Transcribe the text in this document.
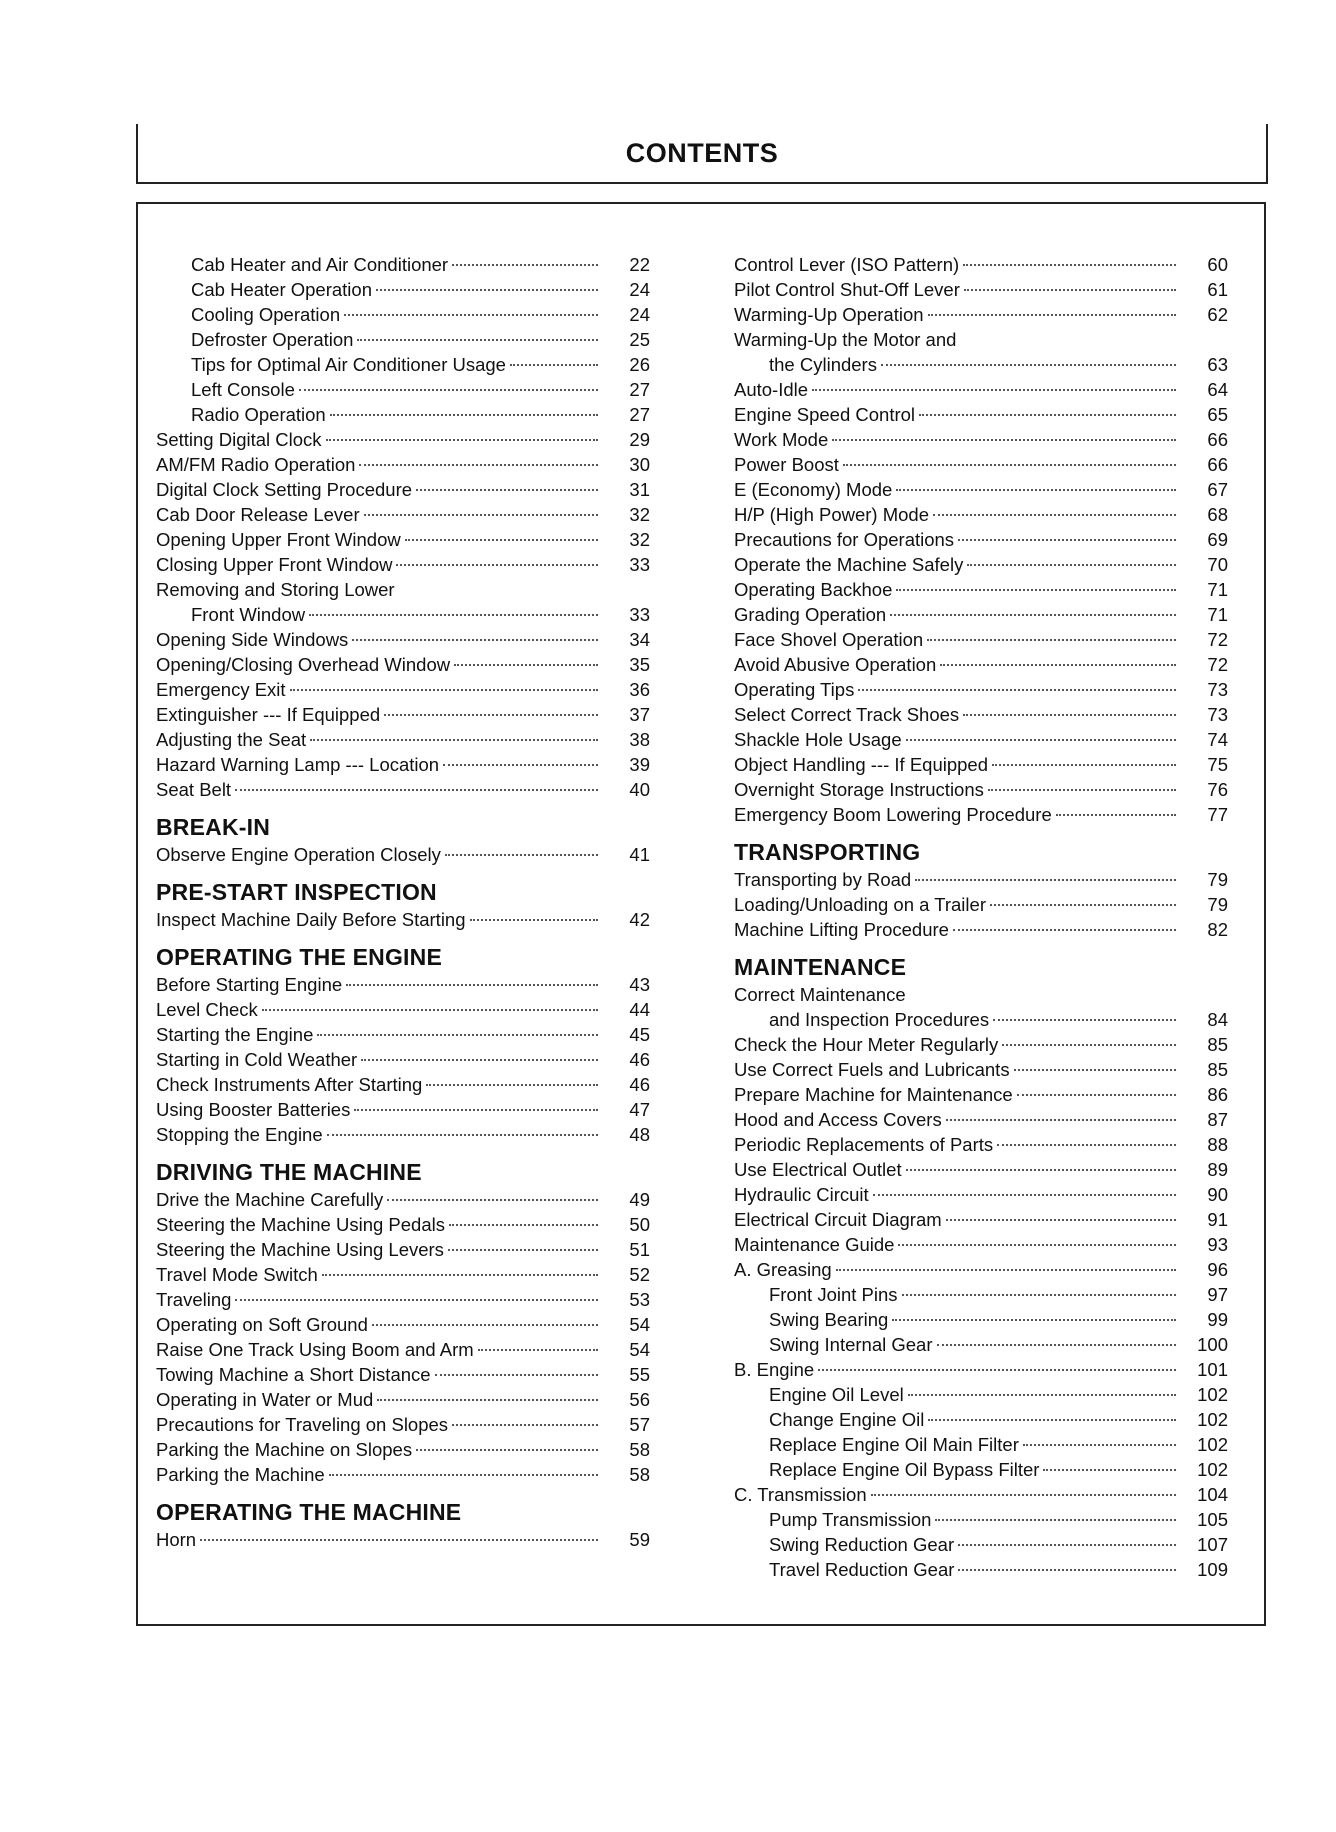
CONTENTS
Cab Heater and Air Conditioner	22
Cab Heater Operation	24
Cooling Operation	24
Defroster Operation	25
Tips for Optimal Air Conditioner Usage	26
Left Console	27
Radio Operation	27
Setting Digital Clock	29
AM/FM Radio Operation	30
Digital Clock Setting Procedure	31
Cab Door Release Lever	32
Opening Upper Front Window	32
Closing Upper Front Window	33
Removing and Storing Lower
Front Window	33
Opening Side Windows	34
Opening/Closing Overhead Window	35
Emergency Exit	36
Extinguisher --- If Equipped	37
Adjusting the Seat	38
Hazard Warning Lamp --- Location	39
Seat Belt	40
BREAK-IN
Observe Engine Operation Closely	41
PRE-START INSPECTION
Inspect Machine Daily Before Starting	42
OPERATING THE ENGINE
Before Starting Engine	43
Level Check	44
Starting the Engine	45
Starting in Cold Weather	46
Check Instruments After Starting	46
Using Booster Batteries	47
Stopping the Engine	48
DRIVING THE MACHINE
Drive the Machine Carefully	49
Steering the Machine Using Pedals	50
Steering the Machine Using Levers	51
Travel Mode Switch	52
Traveling	53
Operating on Soft Ground	54
Raise One Track Using Boom and Arm	54
Towing Machine a Short Distance	55
Operating in Water or Mud	56
Precautions for Traveling on Slopes	57
Parking the Machine on Slopes	58
Parking the Machine	58
OPERATING THE MACHINE
Horn	59
Control Lever (ISO Pattern)	60
Pilot Control Shut-Off Lever	61
Warming-Up Operation	62
Warming-Up the Motor and
the Cylinders	63
Auto-Idle	64
Engine Speed Control	65
Work Mode	66
Power Boost	66
E (Economy) Mode	67
H/P (High Power) Mode	68
Precautions for Operations	69
Operate the Machine Safely	70
Operating Backhoe	71
Grading Operation	71
Face Shovel Operation	72
Avoid Abusive Operation	72
Operating Tips	73
Select Correct Track Shoes	73
Shackle Hole Usage	74
Object Handling --- If Equipped	75
Overnight Storage Instructions	76
Emergency Boom Lowering Procedure	77
TRANSPORTING
Transporting by Road	79
Loading/Unloading on a Trailer	79
Machine Lifting Procedure	82
MAINTENANCE
Correct Maintenance
and Inspection Procedures	84
Check the Hour Meter Regularly	85
Use Correct Fuels and Lubricants	85
Prepare Machine for Maintenance	86
Hood and Access Covers	87
Periodic Replacements of Parts	88
Use Electrical Outlet	89
Hydraulic Circuit	90
Electrical Circuit Diagram	91
Maintenance Guide	93
A. Greasing	96
Front Joint Pins	97
Swing Bearing	99
Swing Internal Gear	100
B. Engine	101
Engine Oil Level	102
Change Engine Oil	102
Replace Engine Oil Main Filter	102
Replace Engine Oil Bypass Filter	102
C. Transmission	104
Pump Transmission	105
Swing Reduction Gear	107
Travel Reduction Gear	109
